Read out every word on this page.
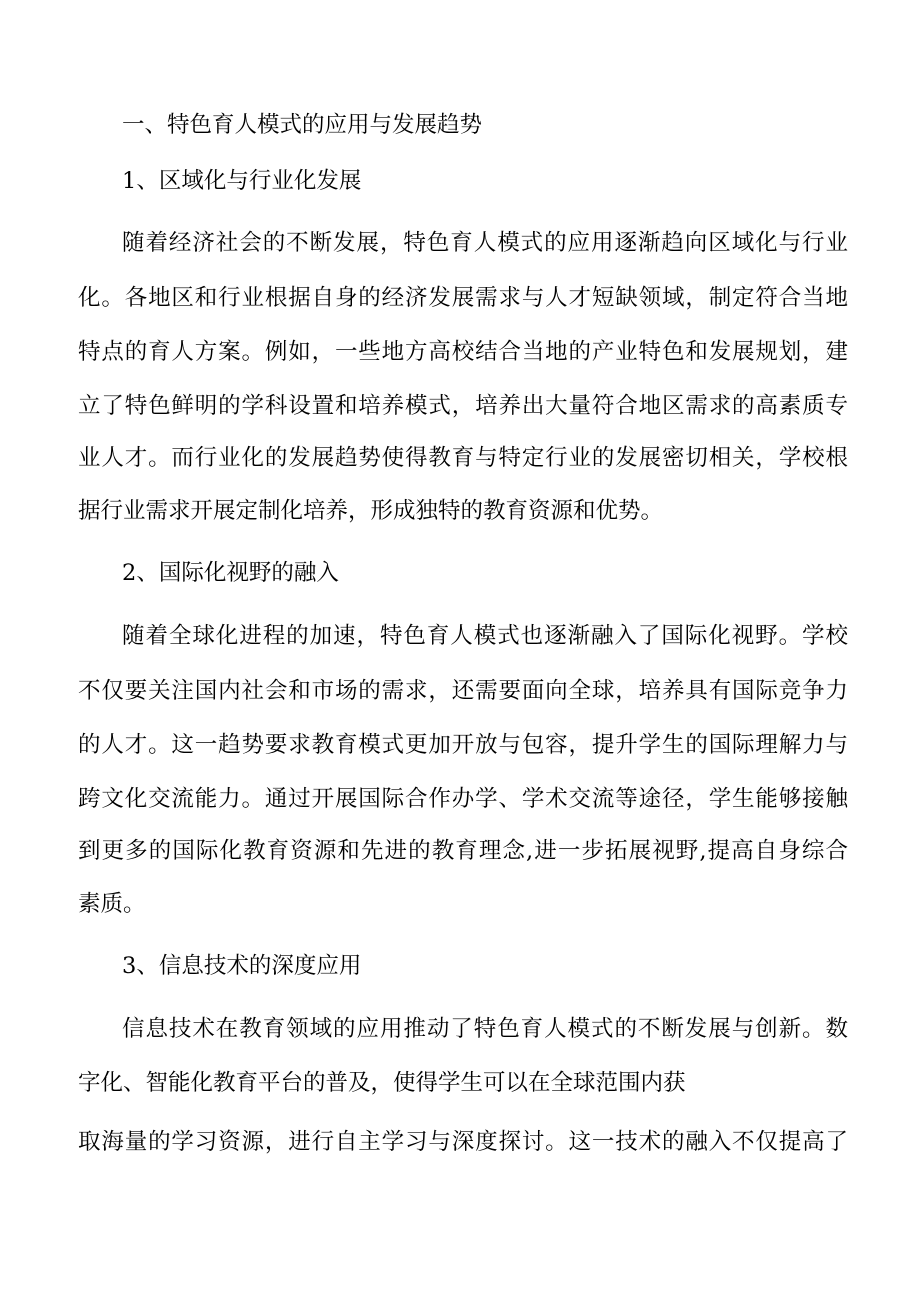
一、特色育人模式的应用与发展趋势
1、区域化与行业化发展
随着经济社会的不断发展，特色育人模式的应用逐渐趋向区域化与行业
化。各地区和行业根据自身的经济发展需求与人才短缺领域，制定符合当地
特点的育人方案。例如，一些地方高校结合当地的产业特色和发展规划，建
立了特色鲜明的学科设置和培养模式，培养出大量符合地区需求的高素质专
业人才。而行业化的发展趋势使得教育与特定行业的发展密切相关，学校根
据行业需求开展定制化培养，形成独特的教育资源和优势。
2、国际化视野的融入
随着全球化进程的加速，特色育人模式也逐渐融入了国际化视野。学校
不仅要关注国内社会和市场的需求，还需要面向全球，培养具有国际竞争力
的人才。这一趋势要求教育模式更加开放与包容，提升学生的国际理解力与
跨文化交流能力。通过开展国际合作办学、学术交流等途径，学生能够接触
到更多的国际化教育资源和先进的教育理念,进一步拓展视野,提高自身综合
素质。
3、信息技术的深度应用
信息技术在教育领域的应用推动了特色育人模式的不断发展与创新。数
字化、智能化教育平台的普及，使得学生可以在全球范围内获
取海量的学习资源，进行自主学习与深度探讨。这一技术的融入不仅提高了
